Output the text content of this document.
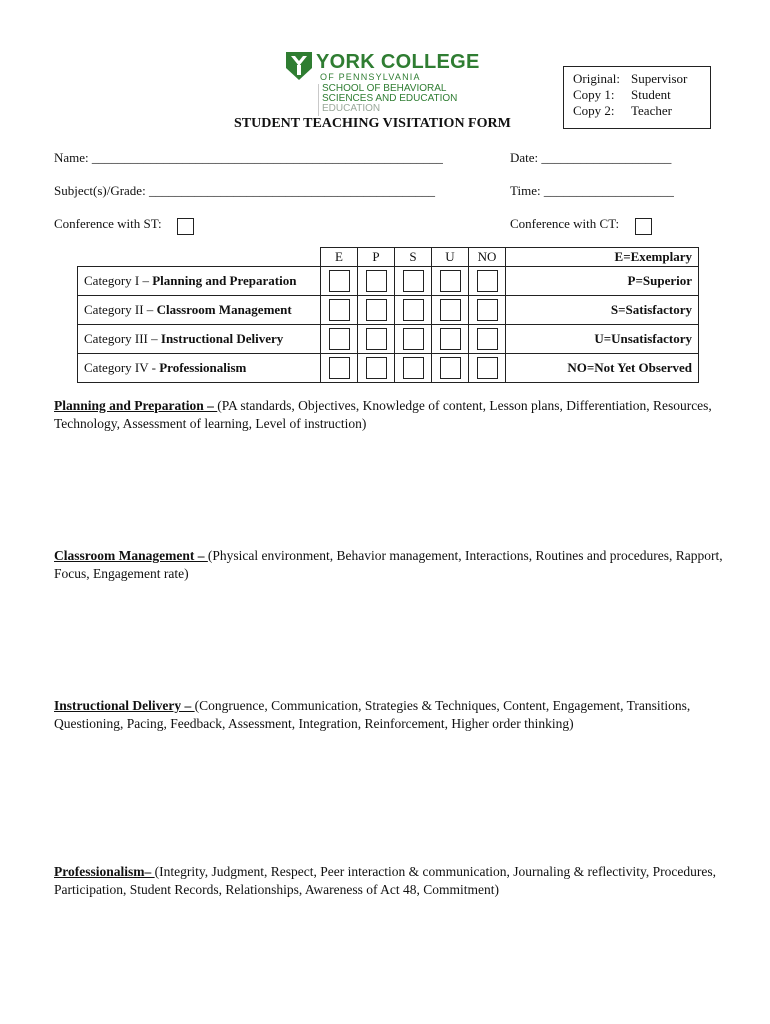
YORK COLLEGE
OF PENNSYLVANIA
SCHOOL OF BEHAVIORAL
SCIENCES AND EDUCATION
EDUCATION
Original: Supervisor
Copy 1:	Student
Copy 2:	Teacher
STUDENT TEACHING VISITATION FORM
Name: ______________________________________________________	Date: ____________________
Subject(s)/Grade: ____________________________________________	Time: ____________________
Conference with ST:	Conference with CT:
	E	P	S	U	NO	E=Exemplary
Category I – Planning and Preparation						P=Superior
Category II – Classroom Management						S=Satisfactory
Category III – Instructional Delivery						U=Unsatisfactory
Category IV - Professionalism						NO=Not Yet Observed
Planning and Preparation – (PA standards, Objectives, Knowledge of content, Lesson plans, Differentiation, Resources, Technology, Assessment of learning, Level of instruction)
Classroom Management – (Physical environment, Behavior management, Interactions, Routines and procedures, Rapport, Focus, Engagement rate)
Instructional Delivery – (Congruence, Communication, Strategies & Techniques, Content, Engagement, Transitions, Questioning, Pacing, Feedback, Assessment, Integration, Reinforcement, Higher order thinking)
Professionalism– (Integrity, Judgment, Respect, Peer interaction & communication, Journaling & reflectivity, Procedures, Participation, Student Records, Relationships, Awareness of Act 48, Commitment)
